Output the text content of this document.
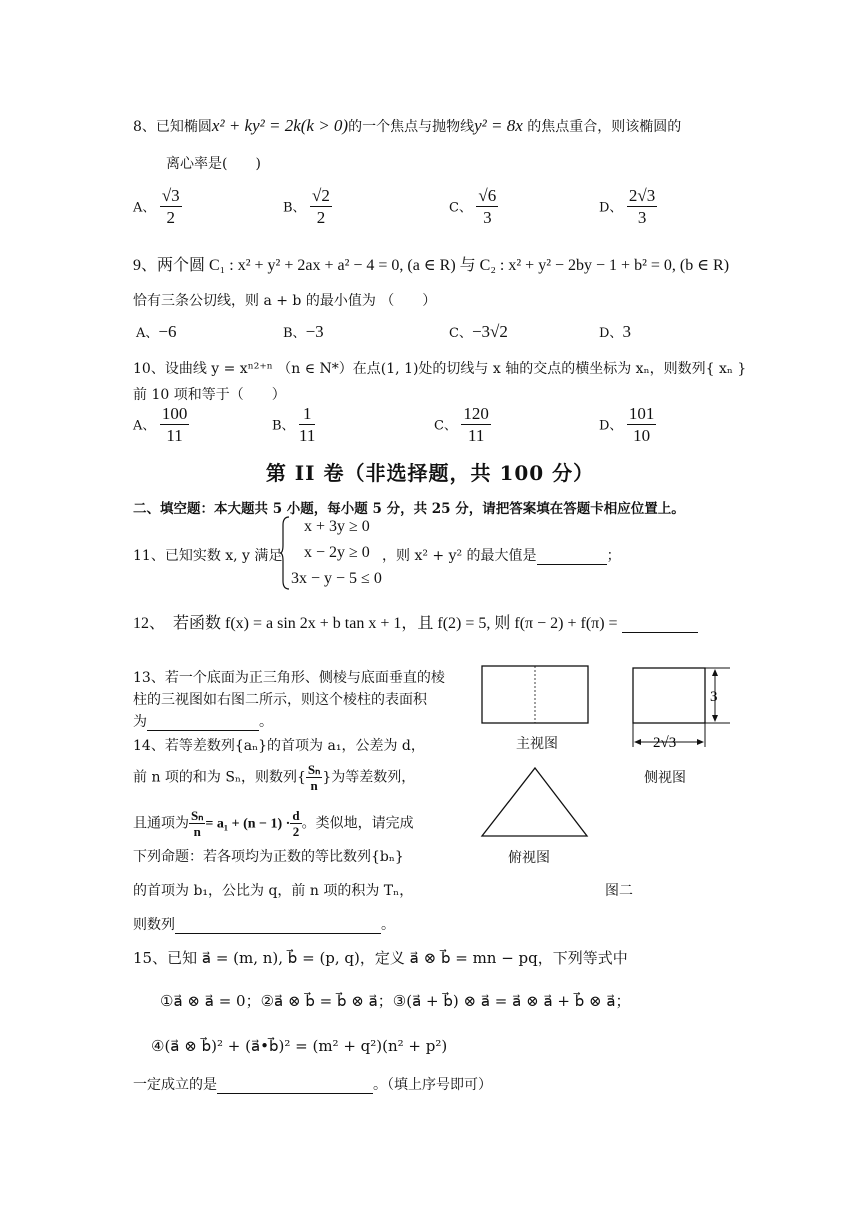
8、已知椭圆x² + ky² = 2k(k > 0)的一个焦点与抛物线y² = 8x 的焦点重合，则该椭圆的
离心率是(　　)
A、 $\frac{√3}{2}$	B、 $\frac{√2}{2}$	C、 $\frac{√6}{3}$	D、 $\frac{2√3}{3}$
9、两个圆 C₁ : x² + y² + 2ax + a² − 4 = 0, (a ∈ R) 与 C₂ : x² + y² − 2by − 1 + b² = 0, (b ∈ R)
恰有三条公切线，则 a + b 的最小值为 （　　）
A、−6	B、−3	C、−3√2	D、3
10、设曲线 y = xⁿ²⁺ⁿ （n ∈ N*）在点(1, 1)处的切线与 x 轴的交点的横坐标为 xₙ，则数列{ xₙ }
前 10 项和等于（　　）
A、 $\frac{100}{11}$	B、 $\frac{1}{11}$	C、 $\frac{120}{11}$	D、 $\frac{101}{10}$
第 II 卷（非选择题，共 100 分）
二、填空题：本大题共 5 小题，每小题 5 分，共 25 分，请把答案填在答题卡相应位置上。
11、已知实数 x, y 满足
x + 3y ≥ 0
x − 2y ≥ 0
3x − y − 5 ≤ 0
，则 x² + y² 的最大值是	；
12、　若函数 f(x) = a sin 2x + b tan x + 1，且 f(2) = 5, 则 f(π − 2) + f(π) =
13、若一个底面为正三角形、侧棱与底面垂直的棱
柱的三视图如右图二所示，则这个棱柱的表面积
为	。
14、若等差数列{aₙ}的首项为 a₁，公差为 d，
前 n 项的和为 Sₙ，则数列{ $\frac{\text{Sₙ}}{n}$ }为等差数列，
且通项为 $\frac{\text{Sₙ}}{n} = a_1 + (n - 1) \cdot \frac{d}{2}$ 。类似地，请完成
下列命题：若各项均为正数的等比数列{bₙ}
的首项为 b₁，公比为 q，前 n 项的积为 Tₙ，
则数列	。
3
2√3
主视图
侧视图
俯视图
图二
15、已知 a⃗ = (m, n), b⃗ = (p, q)，定义 a⃗ ⊗ b⃗ = mn − pq，下列等式中
①a⃗ ⊗ a⃗ = 0；②a⃗ ⊗ b⃗ = b⃗ ⊗ a⃗；③(a⃗ + b⃗) ⊗ a⃗ = a⃗ ⊗ a⃗ + b⃗ ⊗ a⃗；
④(a⃗ ⊗ b⃗)² + (a⃗•b⃗)² = (m² + q²)(n² + p²)
一定成立的是	。（填上序号即可）
